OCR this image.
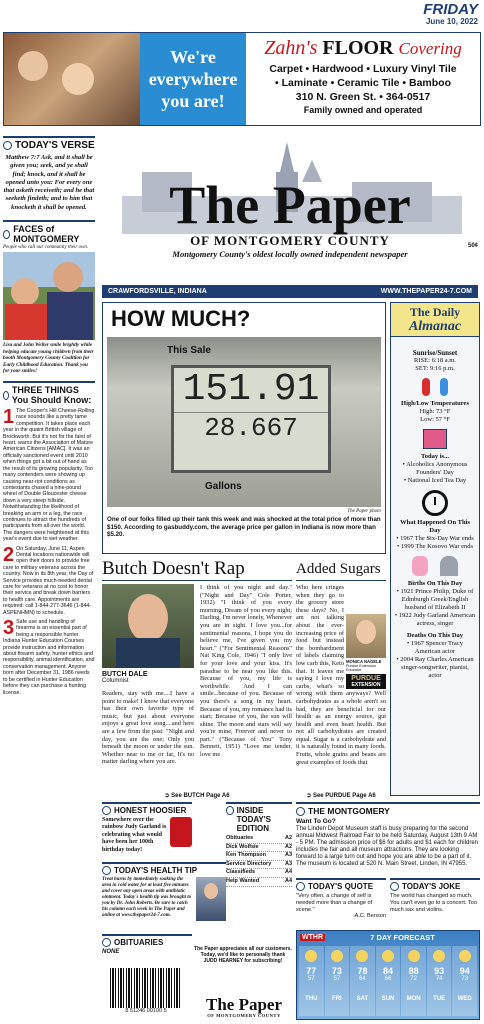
FRIDAY
June 10, 2022
We're everywhere you are!
Zahn's FLOOR Covering
Carpet • Hardwood • Luxury Vinyl Tile
• Laminate • Ceramic Tile • Bamboo
310 N. Green St. • 364-0517
Family owned and operated
TODAY'S VERSE
Matthew 7:7 Ask, and it shall be given you; seek, and ye shall find; knock, and it shall be opened unto you: For every one that asketh receiveth; and he that seeketh findeth; and to him that knocketh it shall be opened.
FACES of MONTGOMERY
People who call our community their own.
Lisa and John Weller smile brightly while helping educate young children from their booth Montgomery County Coalition for Early Childhood Education. Thank you for your smiles!
THREE THINGS You Should Know:
1 The Cooper's Hill Cheese-Rolling race sounds like a pretty tame competition. It takes place each year in the quaint British village of Brockworth. But it's not for the faint of heart, warns the Association of Mature American Citizens [AMAC]. It was an officially sanctioned event until 2010 when things got a bit out of hand as the result of its growing popularity. Too many contenders were showing up causing near-riot conditions as contestants chased a nine-pound wheel of Double Gloucester cheese down a very steep hillside. Notwithstanding the likelihood of breaking an arm or a leg, the race continues to attract the hundreds of participants from all over the world. The dangers were heightened at this year's event due to wet weather.
2 On Saturday, June 11, Aspen Dental locations nationwide will open their doors to provide free care to military veterans across the country. Now in its 8th year, the Day of Service provides much-needed dental care for veterans at no cost to honor their service and break down barriers to health care. Appointments are required: call 1-844-277-3646 (1-844-ASPENHMN) to schedule.
3 Safe use and handling of firearms is an essential part of being a responsible hunter. Indiana Hunter Education Courses provide instruction and information about firearm safety, hunter ethics and responsibility, animal identification, and conservation management. Anyone born after December 31, 1986 needs to be certified in Hunter Education before they can purchase a hunting license.
The Paper
OF MONTGOMERY COUNTY
Montgomery County's oldest locally owned independent newspaper
50¢
CRAWFORDSVILLE, INDIANA	WWW.THEPAPER24-7.COM
HOW MUCH?
This Sale
151.91
28.667
Gallons
The Paper photo
One of our folks filled up their tank this week and was shocked at the total price of more than $150. According to gasbuddy.com, the average price per gallon in Indiana is now more than $5.20.
Butch Doesn't Rap
BUTCH DALE
Columnist
Readers, stay with me....I have a point to make! I know that everyone has their own favorite type of music, but just about everyone enjoys a great love song....and here are a few from the past: "Night and day, you are the one; Only you beneath the moon or under the sun. Whether near to me or far, It's no matter darling where you are.
I think of you night and day." ("Night and Day" Cole Porter, 1932) "I think of you every morning, Dream of you every night; Darling, I'm never lonely, Whenever you are in sight. I love you...for sentimental reasons, I hope you do believe me, I've given you my heart." ("For Sentimental Reasons" Nat King Cole, 1946) "I only live for your love and your kiss. It's paradise to be near you like this. Because of you, my life is worthwhile. And I can smile...because of you. Because of you there's a song in my heart. Because of you, my romance had its start; Because of you, the sun will shine. The moon and stars will say you're mine, Forever and never to part." ("Because of You" Tony Bennett, 1951) "Love me tender, love me
➲ See BUTCH Page A6
Added Sugars
MONICA NAGELE
Purdue Extension Educator
PURDUE
EXTENSION
Who here cringes when they go to the grocery store these days? No, I am not talking about the ever-increasing price of food but instead the bombardment of labels claiming low carb this, Keto that. It leaves me saying I love my carbs, what's so wrong with them anyways? Well carbohydrates as a whole aren't so bad, they are beneficial for our health as an energy source, gut health and even heart health. But not all carbohydrates are created equal. Sugar is a carbohydrate and it is naturally found in many foods. Fruits, whole grains and beans are great examples of foods that
➲ See PURDUE Page A6
The Daily
Almanac
Sunrise/Sunset
RISE: 6:18 a.m.
SET: 9:16 p.m.
High/Low Temperatures
High: 73 °F
Low: 57 °F
Today is...
• Alcoholics Anonymous Founders' Day
• National Iced Tea Day
What Happened On This Day
• 1967 The Six-Day War ends
• 1999 The Kosovo War ends
Births On This Day
• 1921 Prince Philip, Duke of Edinburgh Greek/English husband of Elizabeth II
• 1922 Judy Garland American actress, singer
Deaths On This Day
• 1967 Spencer Tracy American actor
• 2004 Ray Charles American singer-songwriter, pianist, actor
HONEST HOOSIER
Somewhere over the rainbow Judy Garland is celebrating what would have been her 100th birthday today!
TODAY'S HEALTH TIP
Treat burns by immediately soaking the area in cold water for at least five minutes and cover any open areas with antibiotic ointment. Today's health tip was brought to you by Dr. John Roberts. Be sure to catch his column each week in The Paper and online at www.thepaper24-7.com.
OBITUARIES
NONE
INSIDE
TODAY'S EDITION
Obituaries	A2
Dick Wolfsie	A2
Ken Thompson	A3
Service Directory A3
Classifieds	A4
Help Wanted	A4
The Paper appreciates all our customers. Today, we'd like to personally thank JUDD HEARNEY for subscribing!
THE MONTGOMERY
Want To Go?
The Linden Depot Museum staff is busy preparing for the second annual Midwest Railroad Fair to be held Saturday, August 13th 9 AM - 5 PM. The admission price of $6 for adults and $1 each for children includes the fair and all museum attractions. They are looking forward to a large turn out and hope you are able to be a part of it. The museum is located at 520 N. Main Street, Linden, IN 47955.
TODAY'S QUOTE
"Very often, a change of self is needed more than a change of scene."
A.C. Benson
TODAY'S JOKE
The world has changed so much. You can't even go to a concert. Too much sax and violins.
WTHR	7 DAY FORECAST
77
57
THU
73
57
FRI
78
64
SAT
84
66
SUN
88
72
MON
93
74
TUE
94
73
WED
8 51246 00100 5	The Paper
OF MONTGOMERY COUNTY
